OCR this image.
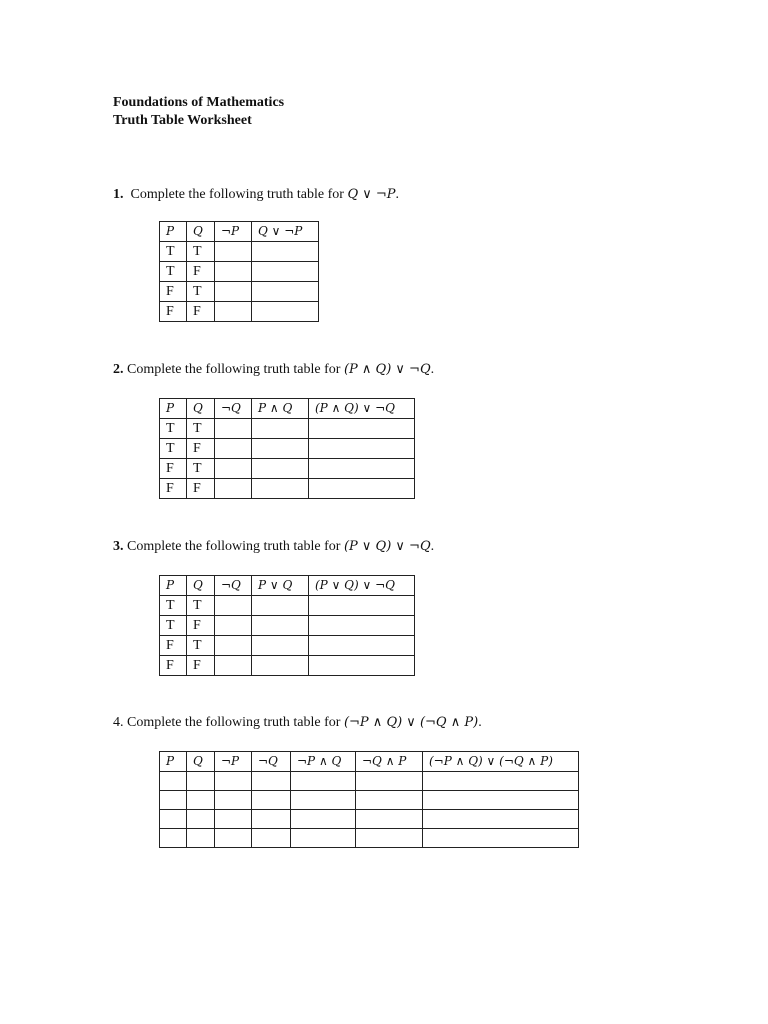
Foundations of Mathematics
Truth Table Worksheet
1. Complete the following truth table for Q ∨ ¬P.
P	Q	¬P	Q ∨ ¬P
T	T		
T	F		
F	T		
F	F		
2. Complete the following truth table for (P ∧ Q) ∨ ¬Q.
P	Q	¬Q	P ∧ Q	(P ∧ Q) ∨ ¬Q
T	T			
T	F			
F	T			
F	F			
3. Complete the following truth table for (P ∨ Q) ∨ ¬Q.
P	Q	¬Q	P ∨ Q	(P ∨ Q) ∨ ¬Q
T	T			
T	F			
F	T			
F	F			
4. Complete the following truth table for (¬P ∧ Q) ∨ (¬Q ∧ P).
P	Q	¬P	¬Q	¬P ∧ Q	¬Q ∧ P	(¬P ∧ Q) ∨ (¬Q ∧ P)
